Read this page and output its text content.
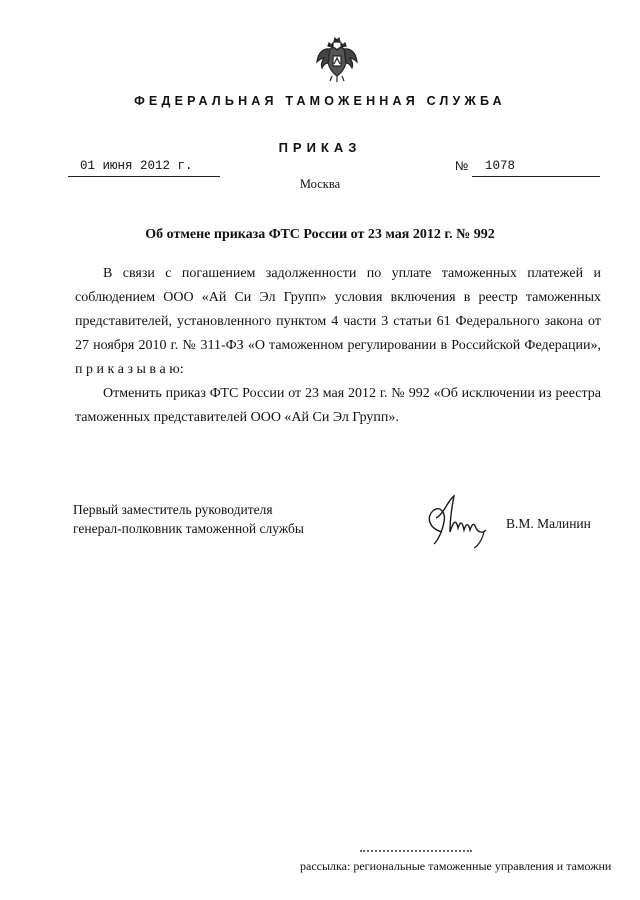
ФЕДЕРАЛЬНАЯ ТАМОЖЕННАЯ СЛУЖБА
ПРИКАЗ
01 июня 2012 г.	№ 1078
Москва
Об отмене приказа ФТС России от 23 мая 2012 г. № 992

В связи с погашением задолженности по уплате таможенных платежей и соблюдением ООО «Ай Си Эл Групп» условия включения в реестр таможенных представителей, установленного пунктом 4 части 3 статьи 61 Федерального закона от 27 ноября 2010 г. № 311-ФЗ «О таможенном регулировании в Российской Федерации», п р и к а з ы в а ю:

Отменить приказ ФТС России от 23 мая 2012 г. № 992 «Об исключении из реестра таможенных представителей ООО «Ай Си Эл Групп».

Первый заместитель руководителя
генерал-полковник таможенной службы	В.М. Малинин
рассылка: региональные таможенные управления и таможни
